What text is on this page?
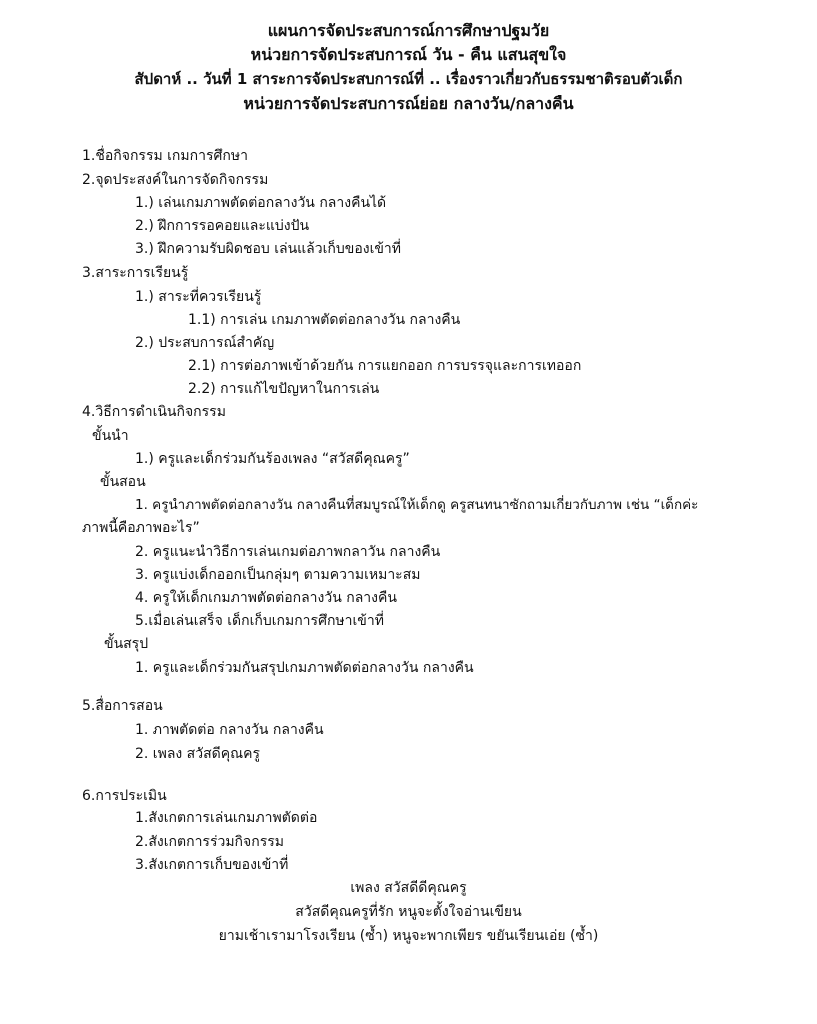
แผนการจัดประสบการณ์การศึกษาปฐมวัย
หน่วยการจัดประสบการณ์ วัน - คืน แสนสุขใจ
สัปดาห์ .. วันที่ 1 สาระการจัดประสบการณ์ที่ .. เรื่องราวเกี่ยวกับธรรมชาติรอบตัวเด็ก
หน่วยการจัดประสบการณ์ย่อย กลางวัน/กลางคืน
1.ชื่อกิจกรรม เกมการศึกษา
2.จุดประสงค์ในการจัดกิจกรรม
1.) เล่นเกมภาพตัดต่อกลางวัน กลางคืนได้
2.) ฝึกการรอคอยและแบ่งปัน
3.) ฝึกความรับผิดชอบ เล่นแล้วเก็บของเข้าที่
3.สาระการเรียนรู้
1.) สาระที่ควรเรียนรู้
1.1) การเล่น เกมภาพตัดต่อกลางวัน กลางคืน
2.) ประสบการณ์สำคัญ
2.1) การต่อภาพเข้าด้วยกัน การแยกออก การบรรจุและการเทออก
2.2) การแก้ไขปัญหาในการเล่น
4.วิธีการดำเนินกิจกรรม
ขั้นนำ
1.) ครูและเด็กร่วมกันร้องเพลง “สวัสดีคุณครู”
ขั้นสอน
1. ครูนำภาพตัดต่อกลางวัน กลางคืนที่สมบูรณ์ให้เด็กดู ครูสนทนาซักถามเกี่ยวกับภาพ เช่น “เด็กค่ะ
ภาพนี้คือภาพอะไร”
2. ครูแนะนำวิธีการเล่นเกมต่อภาพกลาวัน กลางคืน
3. ครูแบ่งเด็กออกเป็นกลุ่มๆ ตามความเหมาะสม
4. ครูให้เด็กเกมภาพตัดต่อกลางวัน กลางคืน
5.เมื่อเล่นเสร็จ เด็กเก็บเกมการศึกษาเข้าที่
ขั้นสรุป
1. ครูและเด็กร่วมกันสรุปเกมภาพตัดต่อกลางวัน กลางคืน
5.สื่อการสอน
1. ภาพตัดต่อ กลางวัน กลางคืน
2. เพลง สวัสดีคุณครู
6.การประเมิน
1.สังเกตการเล่นเกมภาพตัดต่อ
2.สังเกตการร่วมกิจกรรม
3.สังเกตการเก็บของเข้าที่
เพลง สวัสดีดีคุณครู
สวัสดีคุณครูที่รัก หนูจะตั้งใจอ่านเขียน
ยามเช้าเรามาโรงเรียน (ซ้ำ) หนูจะพากเพียร ขยันเรียนเอ่ย (ซ้ำ)
